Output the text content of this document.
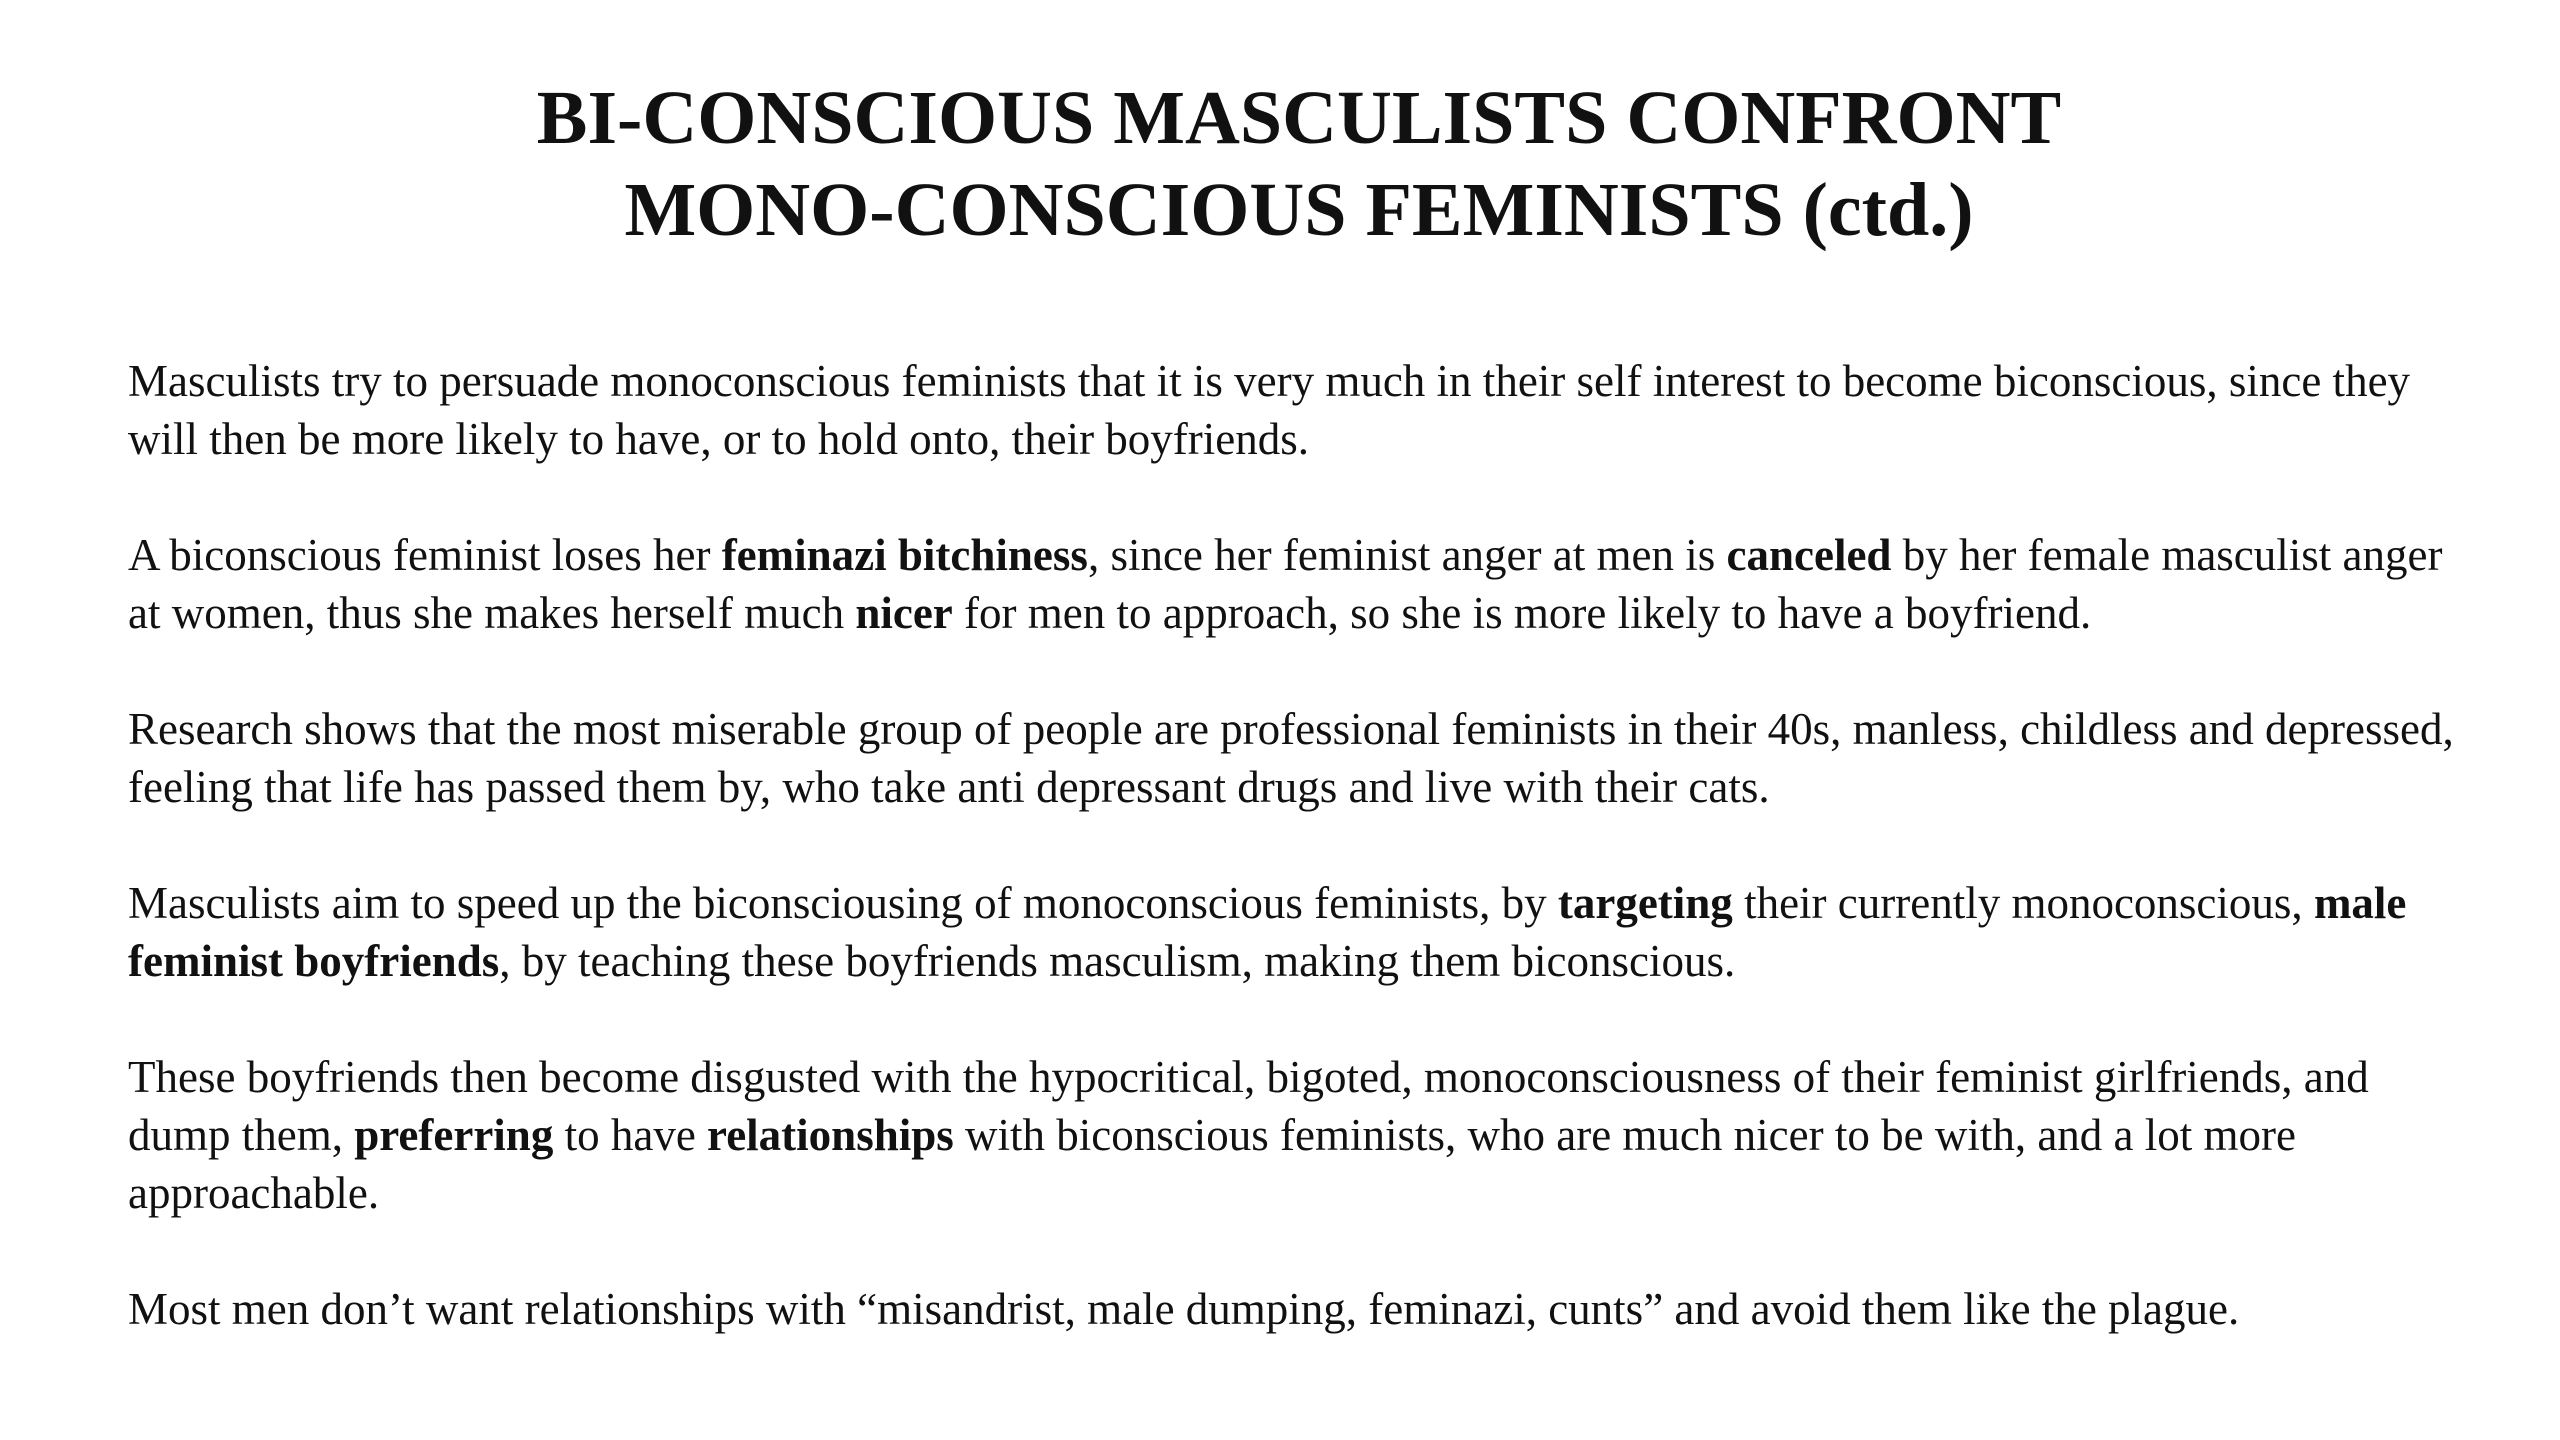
BI-CONSCIOUS MASCULISTS CONFRONT
MONO-CONSCIOUS FEMINISTS (ctd.)

Masculists try to persuade monoconscious feminists that it is very much in their self interest to become biconscious, since they will then be more likely to have, or to hold onto, their boyfriends.

A biconscious feminist loses her feminazi bitchiness, since her feminist anger at men is canceled by her female masculist anger at women, thus she makes herself much nicer for men to approach, so she is more likely to have a boyfriend.

Research shows that the most miserable group of people are professional feminists in their 40s, manless, childless and depressed, feeling that life has passed them by, who take anti depressant drugs and live with their cats.

Masculists aim to speed up the biconsciousing of monoconscious feminists, by targeting their currently monoconscious, male feminist boyfriends, by teaching these boyfriends masculism, making them biconscious.

These boyfriends then become disgusted with the hypocritical, bigoted, monoconsciousness of their feminist girlfriends, and dump them, preferring to have relationships with biconscious feminists, who are much nicer to be with, and a lot more approachable.

Most men don’t want relationships with “misandrist, male dumping, feminazi, cunts” and avoid them like the plague.
